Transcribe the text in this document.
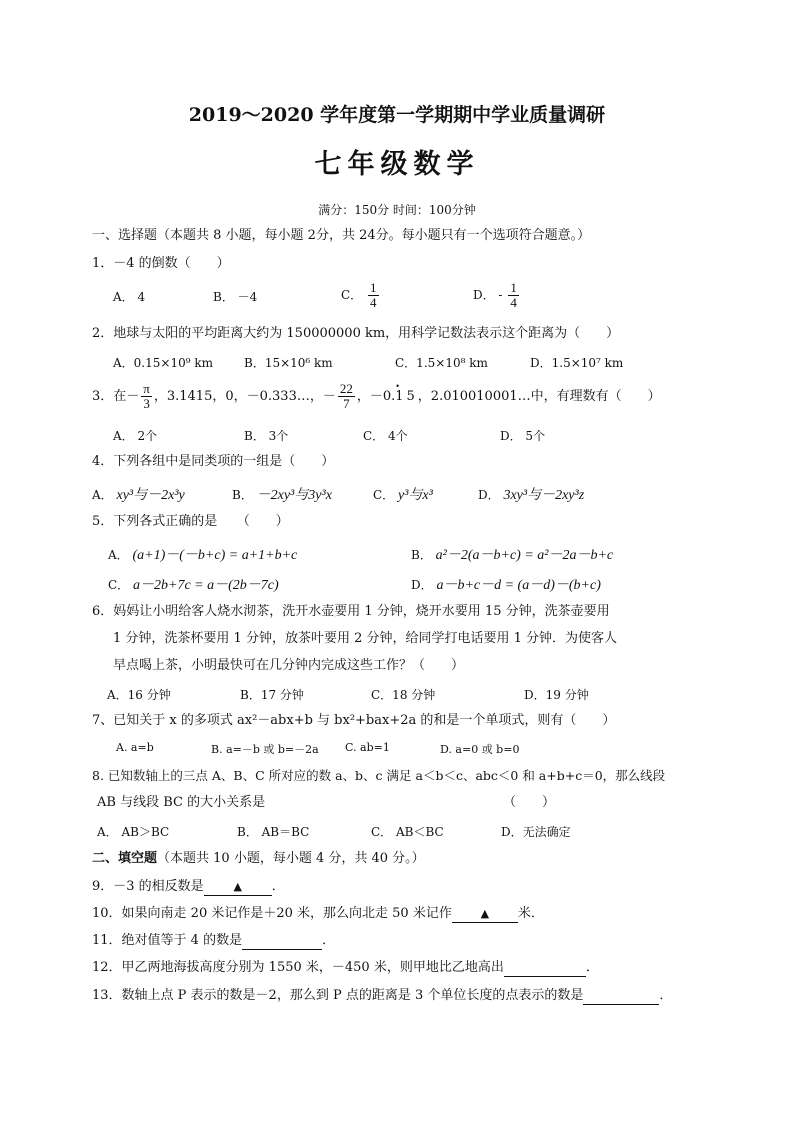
2019～2020 学年度第一学期期中学业质量调研
七年级数学
满分：150分 时间：100分钟
一、选择题（本题共 8 小题，每小题 2分，共 24分。每小题只有一个选项符合题意。）
1．－4 的倒数（　　）
A． 4	B． －4	C． $\frac{1}{4}$	D． - $\frac{1}{4}$
2．地球与太阳的平均距离大约为 150000000 km，用科学记数法表示这个距离为（　　）
A．0.15×10⁹ km	B．15×10⁶ km	C．1.5×10⁸ km	D．1.5×10⁷ km
3．在－ $\frac{\pi}{3}$ ，3.1415，0，－0.333…，－ $\frac{22}{7}$ ，－0.• 15，2.010010001…中，有理数有（　　）
A． 2个	B． 3个	C． 4个	D． 5个
4．下列各组中是同类项的一组是（　　）
A． xy³与－2x³y	B． －2xy³与3y³x	C． y³与x³	D． 3xy³与－2xy³z
5．下列各式正确的是　　（　　）
A． (a+1)－(－b+c) = a+1+b+c	B． a²－2(a－b+c) = a²－2a－b+c
C． a－2b+7c = a－(2b－7c)	D． a－b+c－d = (a－d)－(b+c)
6．妈妈让小明给客人烧水沏茶，洗开水壶要用 1 分钟，烧开水要用 15 分钟，洗茶壶要用
1 分钟，洗茶杯要用 1 分钟，放茶叶要用 2 分钟，给同学打电话要用 1 分钟．为使客人
早点喝上茶，小明最快可在几分钟内完成这些工作？（　　）
A．16 分钟	B．17 分钟	C．18 分钟	D．19 分钟
7、已知关于 x 的多项式 ax²－abx+b 与 bx²+bax+2a 的和是一个单项式，则有（　　）
A. a=b	B. a=－b 或 b=－2a C. ab=1	D. a=0 或 b=0
8. 已知数轴上的三点 A、B、C 所对应的数 a、b、c 满足 a＜b＜c、abc＜0 和 a+b+c＝0，那么线段
AB 与线段 BC 的大小关系是	（　　）
A． AB＞BC	B． AB＝BC	C． AB＜BC	D．无法确定
二、填空题（本题共 10 小题，每小题 4 分，共 40 分。）
9．－3 的相反数是	▲ ．
10．如果向南走 20 米记作是＋20 米，那么向北走 50 米记作	▲ 米．
11．绝对值等于 4 的数是	．
12．甲乙两地海拔高度分别为 1550 米，－450 米，则甲地比乙地高出	．
13．数轴上点 P 表示的数是－2，那么到 P 点的距离是 3 个单位长度的点表示的数是	．
